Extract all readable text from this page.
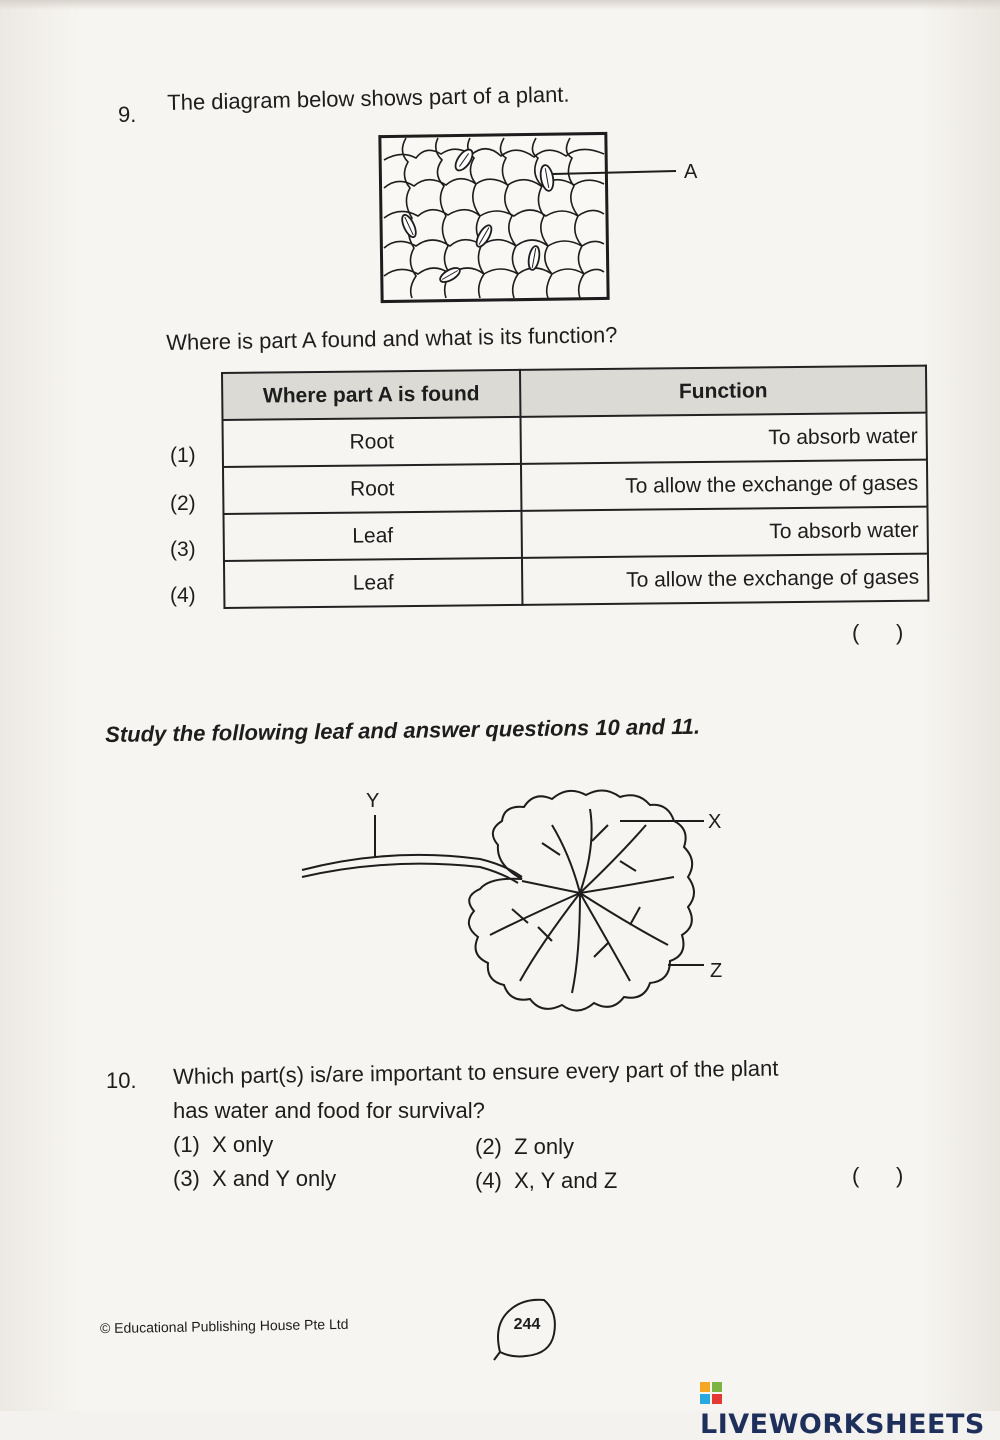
9. The diagram below shows part of a plant.
A
Where is part A found and what is its function?
(1)
(2)
(3)
(4)
Where part A is found	Function
Root	To absorb water
Root	To allow the exchange of gases
Leaf	To absorb water
Leaf	To allow the exchange of gases
(      )
Study the following leaf and answer questions 10 and 11.
Y
X
Z
10. Which part(s) is/are important to ensure every part of the plant
has water and food for survival?
(1) X only	(2) Z only
(3) X and Y only	(4) X, Y and Z	(      )
© Educational Publishing House Pte Ltd	244
LIVEWORKSHEETS
